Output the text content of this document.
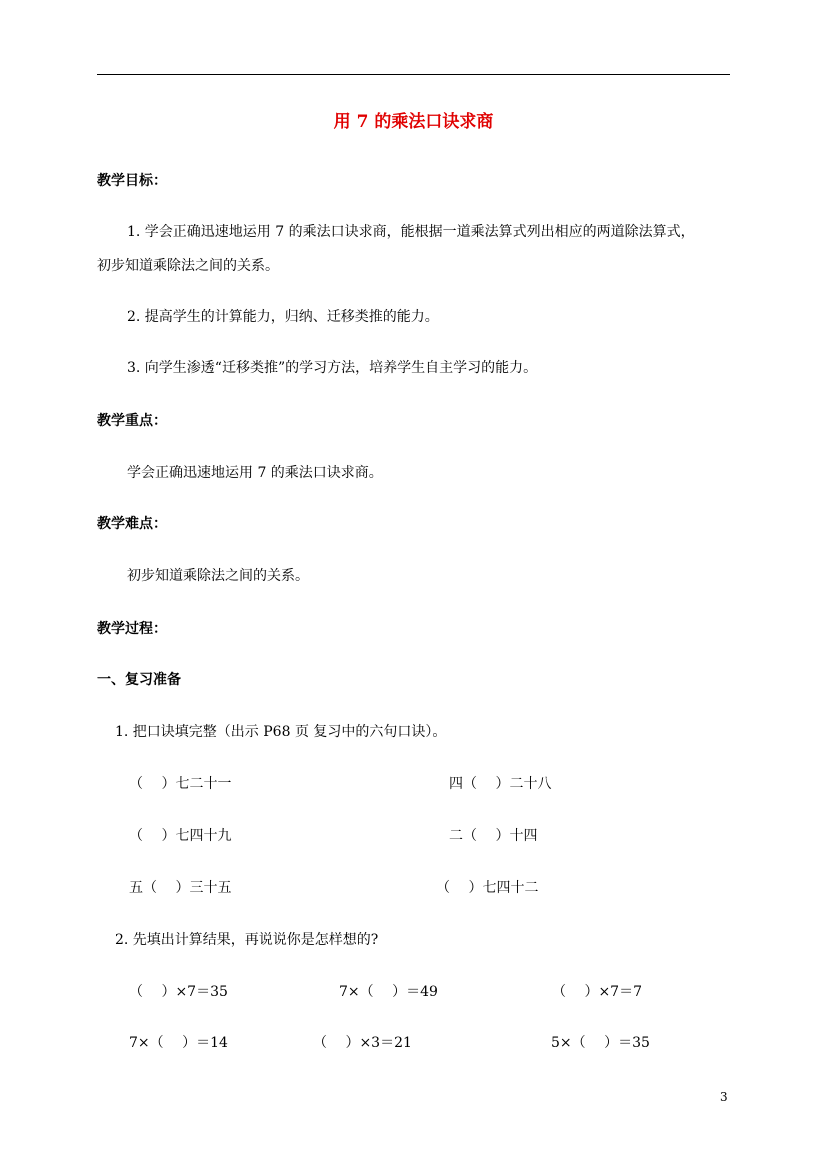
用 7 的乘法口诀求商
教学目标：
1. 学会正确迅速地运用 7 的乘法口诀求商，能根据一道乘法算式列出相应的两道除法算式，
初步知道乘除法之间的关系。
2. 提高学生的计算能力，归纳、迁移类推的能力。
3. 向学生渗透“迁移类推”的学习方法，培养学生自主学习的能力。
教学重点：
学会正确迅速地运用 7 的乘法口诀求商。
教学难点：
初步知道乘除法之间的关系。
教学过程：
一、复习准备
1. 把口诀填完整（出示 P68 页 复习中的六句口诀）。
（　 ）七二十一	四（　 ）二十八
（　 ）七四十九	二（　 ）十四
五（　 ）三十五	（　 ）七四十二
2. 先填出计算结果，再说说你是怎样想的?
（　 ）×7＝35	7×（　 ）＝49	（　 ）×7＝7
7×（　 ）＝14	（　 ）×3＝21	5×（　 ）＝35
3
